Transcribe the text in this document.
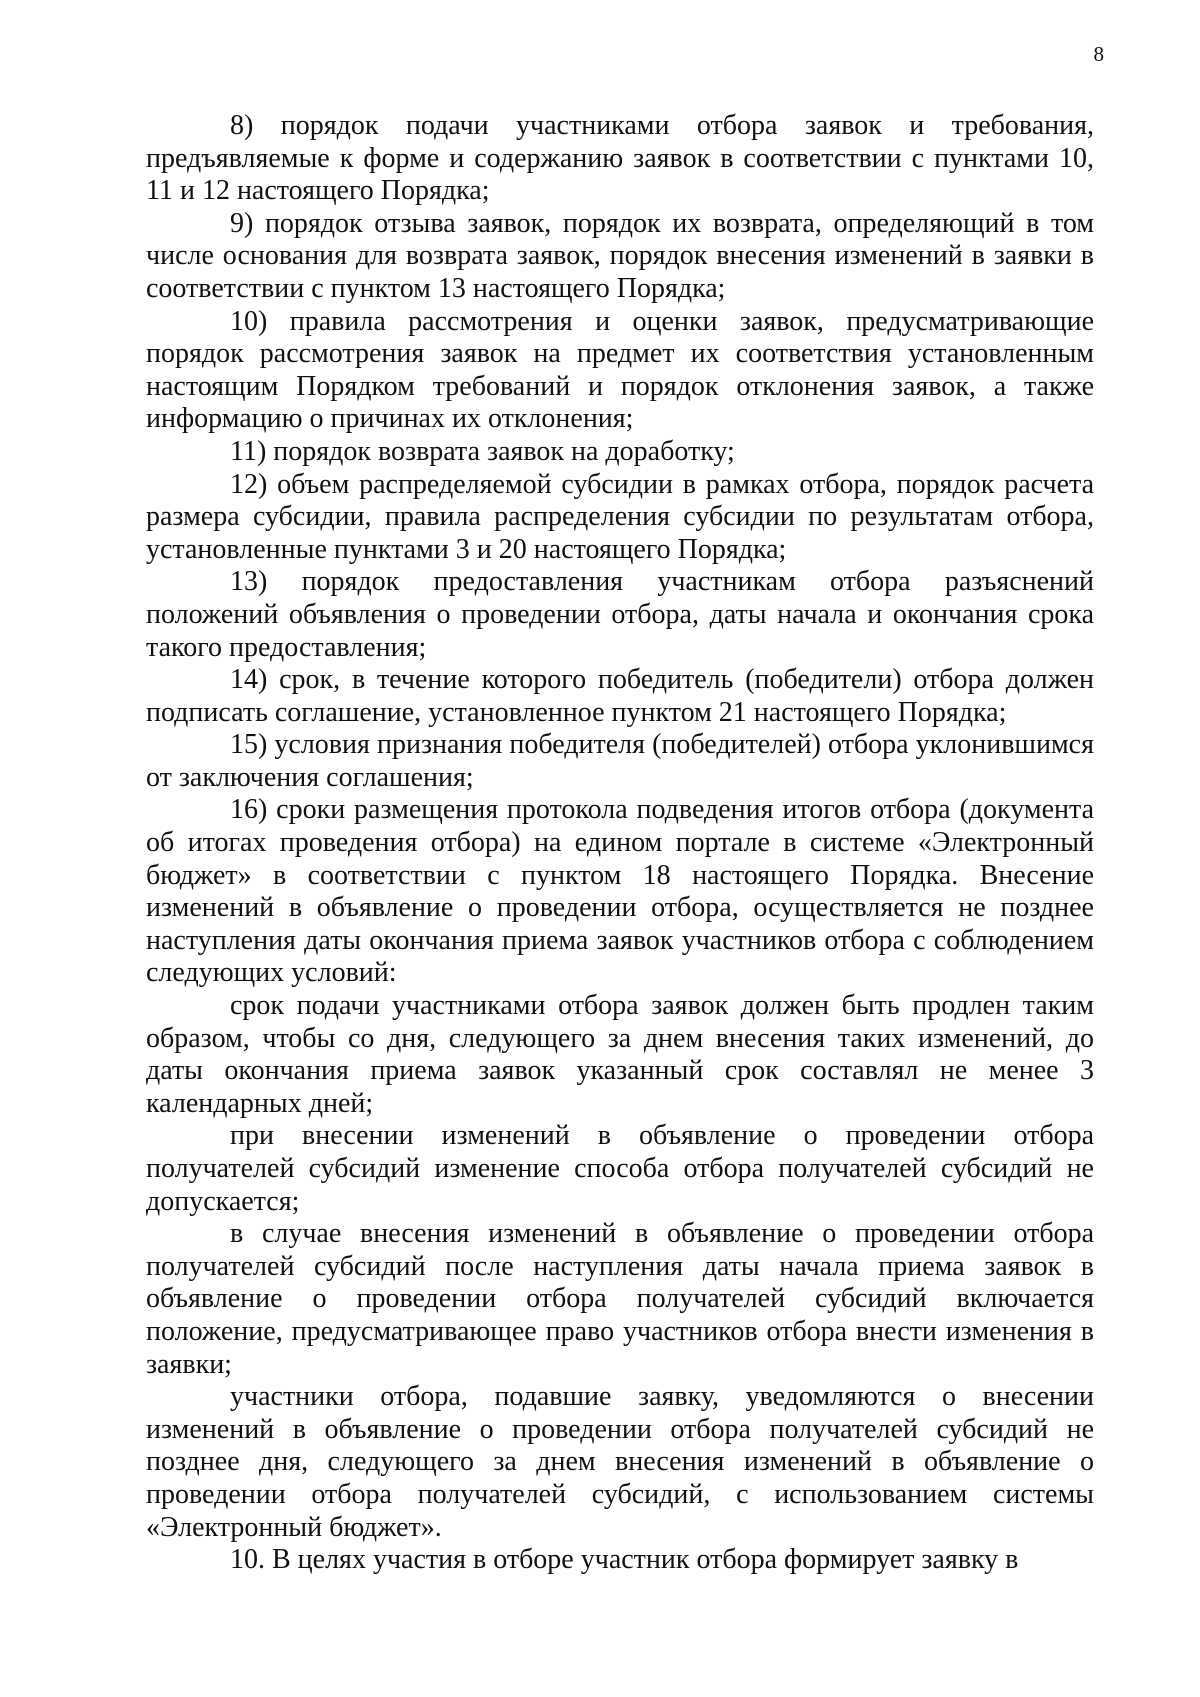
8

8) порядок подачи участниками отбора заявок и требования, предъявляемые к форме и содержанию заявок в соответствии с пунктами 10, 11 и 12 настоящего Порядка;

9) порядок отзыва заявок, порядок их возврата, определяющий в том числе основания для возврата заявок, порядок внесения изменений в заявки в соответствии с пунктом 13 настоящего Порядка;

10) правила рассмотрения и оценки заявок, предусматривающие порядок рассмотрения заявок на предмет их соответствия установленным настоящим Порядком требований и порядок отклонения заявок, а также информацию о причинах их отклонения;

11) порядок возврата заявок на доработку;

12) объем распределяемой субсидии в рамках отбора, порядок расчета размера субсидии, правила распределения субсидии по результатам отбора, установленные пунктами 3 и 20 настоящего Порядка;

13) порядок предоставления участникам отбора разъяснений положений объявления о проведении отбора, даты начала и окончания срока такого предоставления;

14) срок, в течение которого победитель (победители) отбора должен подписать соглашение, установленное пунктом 21 настоящего Порядка;

15) условия признания победителя (победителей) отбора уклонившимся от заключения соглашения;

16) сроки размещения протокола подведения итогов отбора (документа об итогах проведения отбора) на едином портале в системе «Электронный бюджет» в соответствии с пунктом 18 настоящего Порядка. Внесение изменений в объявление о проведении отбора, осуществляется не позднее наступления даты окончания приема заявок участников отбора с соблюдением следующих условий:

срок подачи участниками отбора заявок должен быть продлен таким образом, чтобы со дня, следующего за днем внесения таких изменений, до даты окончания приема заявок указанный срок составлял не менее 3 календарных дней;

при внесении изменений в объявление о проведении отбора получателей субсидий изменение способа отбора получателей субсидий не допускается;

в случае внесения изменений в объявление о проведении отбора получателей субсидий после наступления даты начала приема заявок в объявление о проведении отбора получателей субсидий включается положение, предусматривающее право участников отбора внести изменения в заявки;

участники отбора, подавшие заявку, уведомляются о внесении изменений в объявление о проведении отбора получателей субсидий не позднее дня, следующего за днем внесения изменений в объявление о проведении отбора получателей субсидий, с использованием системы «Электронный бюджет».

10. В целях участия в отборе участник отбора формирует заявку в
